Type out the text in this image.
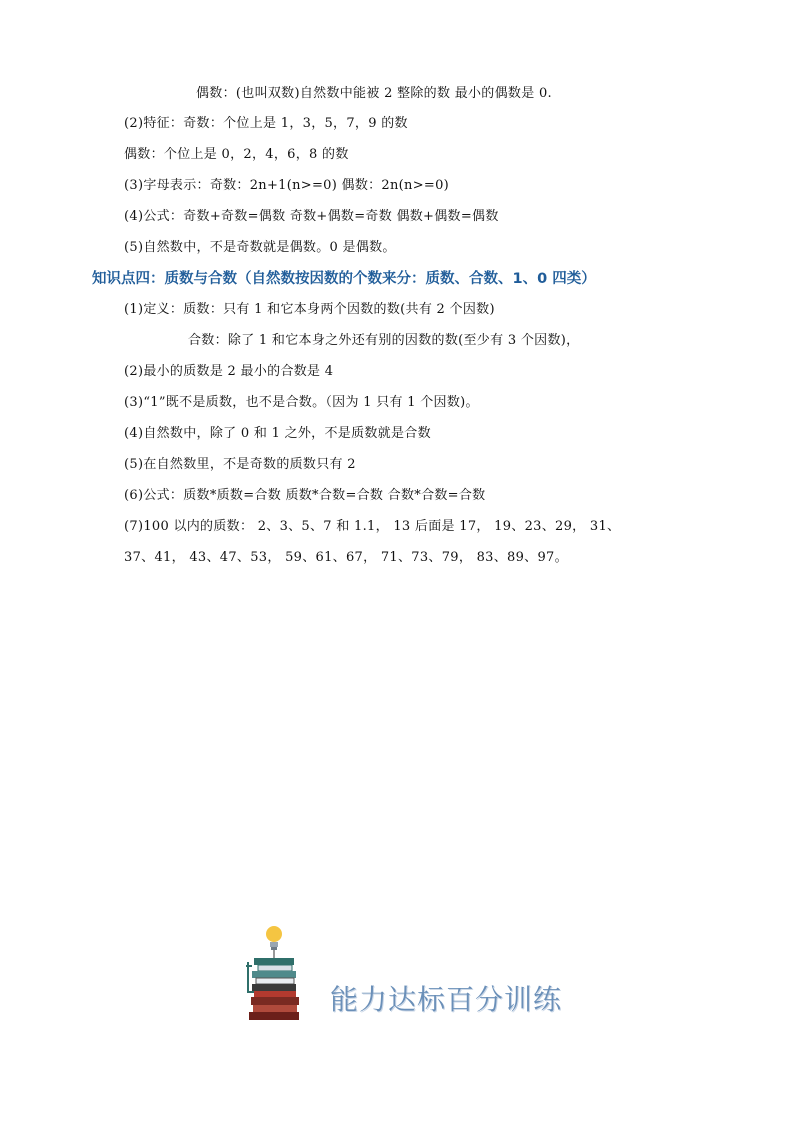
偶数：(也叫双数)自然数中能被 2 整除的数 最小的偶数是 0.
(2)特征：奇数：个位上是 1，3，5，7，9 的数
偶数：个位上是 0，2，4，6，8 的数
(3)字母表示：奇数：2n+1(n>=0) 偶数：2n(n>=0)
(4)公式：奇数+奇数=偶数 奇数+偶数=奇数 偶数+偶数=偶数
(5)自然数中，不是奇数就是偶数。0 是偶数。
知识点四：质数与合数（自然数按因数的个数来分：质数、合数、1、0 四类）
(1)定义：质数：只有 1 和它本身两个因数的数(共有 2 个因数)
合数：除了 1 和它本身之外还有别的因数的数(至少有 3 个因数)，
(2)最小的质数是 2 最小的合数是 4
(3)“1”既不是质数，也不是合数。（因为 1 只有 1 个因数)。
(4)自然数中，除了 0 和 1 之外，不是质数就是合数
(5)在自然数里，不是奇数的质数只有 2
(6)公式：质数*质数=合数 质数*合数=合数 合数*合数=合数
(7)100 以内的质数： 2、3、5、7 和 1.1， 13 后面是 17， 19、23、29， 31、
37、41， 43、47、53， 59、61、67， 71、73、79， 83、89、97。
能力达标百分训练
